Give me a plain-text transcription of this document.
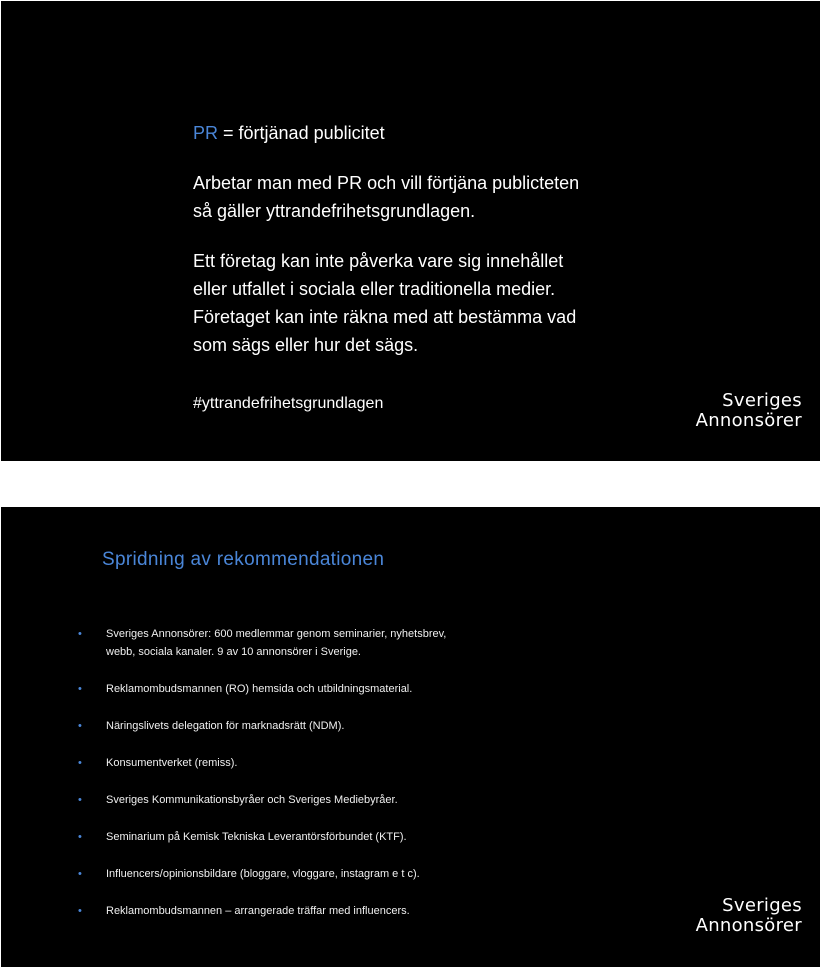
PR = förtjänad publicitet

Arbetar man med PR och vill förtjäna publicteten
så gäller yttrandefrihetsgrundlagen.

Ett företag kan inte påverka vare sig innehållet
eller utfallet i sociala eller traditionella medier.
Företaget kan inte räkna med att bestämma vad
som sägs eller hur det sägs.

#yttrandefrihetsgrundlagen	Sveriges
Annonsörer
Spridning av rekommendationen
• Sveriges Annonsörer: 600 medlemmar genom seminarier, nyhetsbrev,
webb, sociala kanaler. 9 av 10 annonsörer i Sverige.
• Reklamombudsmannen (RO) hemsida och utbildningsmaterial.
• Näringslivets delegation för marknadsrätt (NDM).
• Konsumentverket (remiss).
• Sveriges Kommunikationsbyråer och Sveriges Mediebyråer.
• Seminarium på Kemisk Tekniska Leverantörsförbundet (KTF).
• Influencers/opinionsbildare (bloggare, vloggare, instagram e t c).
• Reklamombudsmannen – arrangerade träffar med influencers.	Sveriges
Annonsörer
